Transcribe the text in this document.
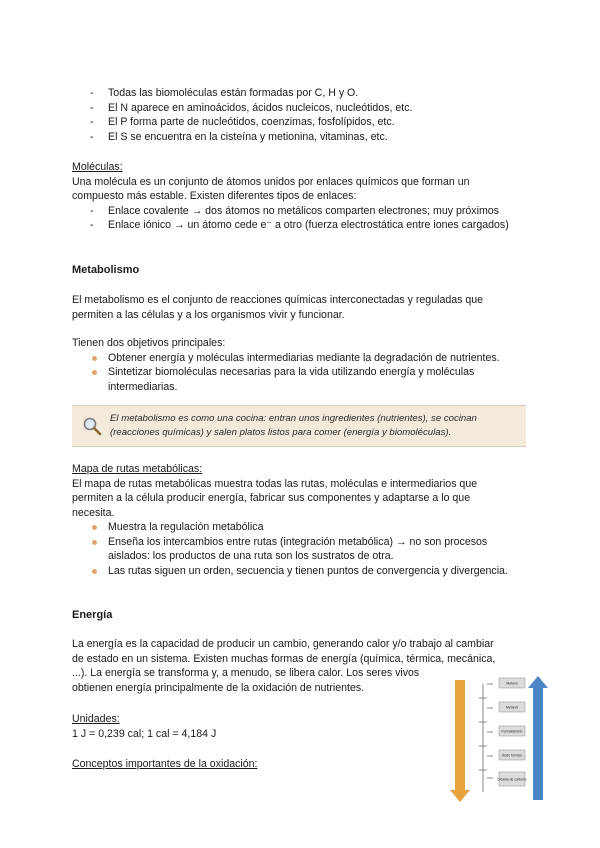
- Todas las biomoléculas están formadas por C, H y O.
- El N aparece en aminoácidos, ácidos nucleicos, nucleótidos, etc.
- El P forma parte de nucleótidos, coenzimas, fosfolípidos, etc.
- El S se encuentra en la cisteína y metionina, vitaminas, etc.

Moléculas:

Una molécula es un conjunto de átomos unidos por enlaces químicos que forman un

compuesto más estable. Existen diferentes tipos de enlaces:

- Enlace covalente → dos átomos no metálicos comparten electrones; muy próximos
- Enlace iónico → un átomo cede e⁻ a otro (fuerza electrostática entre iones cargados)
Metabolismo

El metabolismo es el conjunto de reacciones químicas interconectadas y reguladas que

permiten a las células y a los organismos vivir y funcionar.

Tienen dos objetivos principales:

Obtener energía y moléculas intermediarias mediante la degradación de nutrientes.
Sintetizar biomoléculas necesarias para la vida utilizando energía y moléculas
intermediarias.
El metabolismo es como una cocina: entran unos ingredientes (nutrientes), se cocinan
(reacciones químicas) y salen platos listos para comer (energía y biomoléculas).

Mapa de rutas metabólicas:

El mapa de rutas metabólicas muestra todas las rutas, moléculas e intermediarios que

permiten a la célula producir energía, fabricar sus componentes y adaptarse a lo que

necesita.

Muestra la regulación metabólica
Enseña los intercambios entre rutas (integración metabólica) → no son procesos
aislados: los productos de una ruta son los sustratos de otra.
Las rutas siguen un orden, secuencia y tienen puntos de convergencia y divergencia.
Energía

La energía es la capacidad de producir un cambio, generando calor y/o trabajo al cambiar

de estado en un sistema. Existen muchas formas de energía (química, térmica, mecánica,

...). La energía se transforma y, a menudo, se libera calor. Los seres vivos

obtienen energía principalmente de la oxidación de nutrientes.

Unidades:

1 J = 0,239 cal; 1 cal = 4,184 J

Conceptos importantes de la oxidación:

Metano
Metanol
Formaldehído
Ácido fórmico
Dióxido de carbono
